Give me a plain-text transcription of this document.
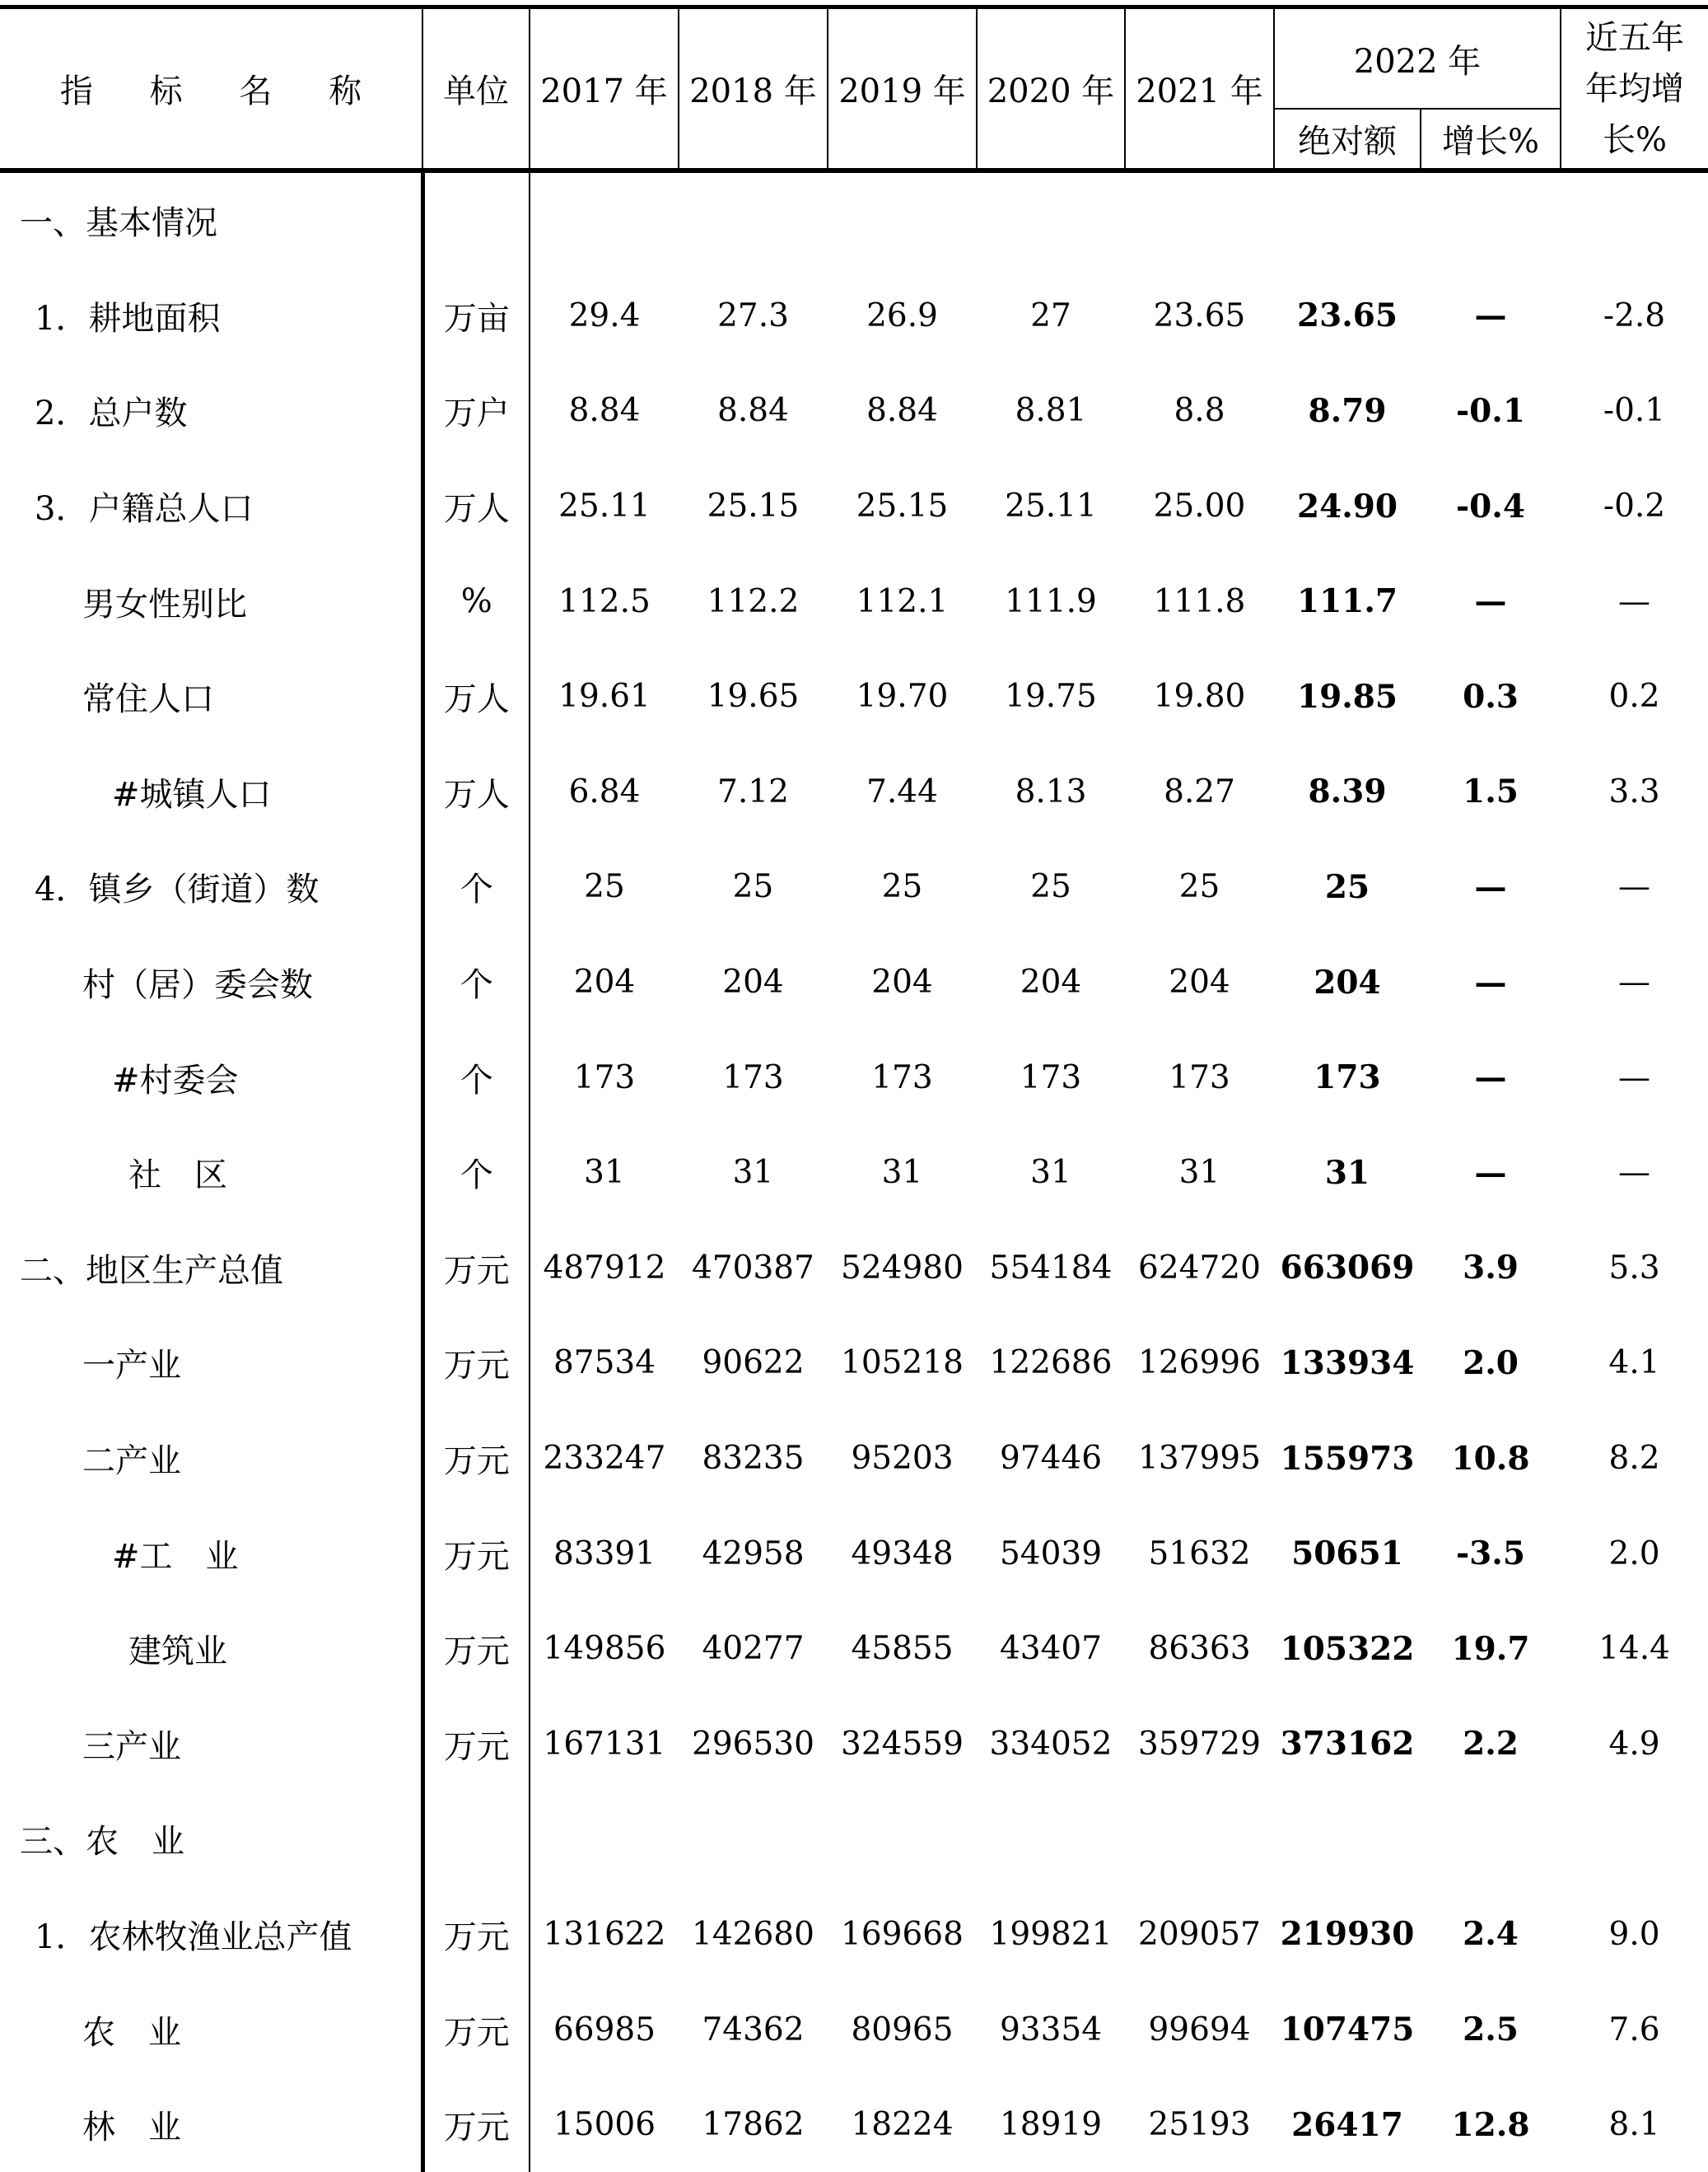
指 标 名 称	单位	2017 年	2018 年	2019 年	2020 年	2021 年	2022 年		近五年
年均增
长%

							绝对额	增长%	
一、基本情况									
1．耕地面积	万亩	29.4	27.3	26.9	27	23.65	23.65	—	-2.8
2．总户数	万户	8.84	8.84	8.84	8.81	8.8	8.79	-0.1	-0.1
3．户籍总人口	万人	25.11	25.15	25.15	25.11	25.00	24.90	-0.4	-0.2
男女性别比	%	112.5	112.2	112.1	111.9	111.8	111.7	—	—
常住人口	万人	19.61	19.65	19.70	19.75	19.80	19.85	0.3	0.2
#城镇人口	万人	6.84	7.12	7.44	8.13	8.27	8.39	1.5	3.3
4．镇乡（街道）数	个	25	25	25	25	25	25	—	—
村（居）委会数	个	204	204	204	204	204	204	—	—
#村委会	个	173	173	173	173	173	173	—	—
社　区	个	31	31	31	31	31	31	—	—
二、地区生产总值	万元	487912	470387	524980	554184	624720	663069	3.9	5.3
一产业	万元	87534	90622	105218	122686	126996	133934	2.0	4.1
二产业	万元	233247	83235	95203	97446	137995	155973	10.8	8.2
#工　业	万元	83391	42958	49348	54039	51632	50651	-3.5	2.0
建筑业	万元	149856	40277	45855	43407	86363	105322	19.7	14.4
三产业	万元	167131	296530	324559	334052	359729	373162	2.2	4.9
三、农　业									
1．农林牧渔业总产值	万元	131622	142680	169668	199821	209057	219930	2.4	9.0
农　业	万元	66985	74362	80965	93354	99694	107475	2.5	7.6
林　业	万元	15006	17862	18224	18919	25193	26417	12.8	8.1
